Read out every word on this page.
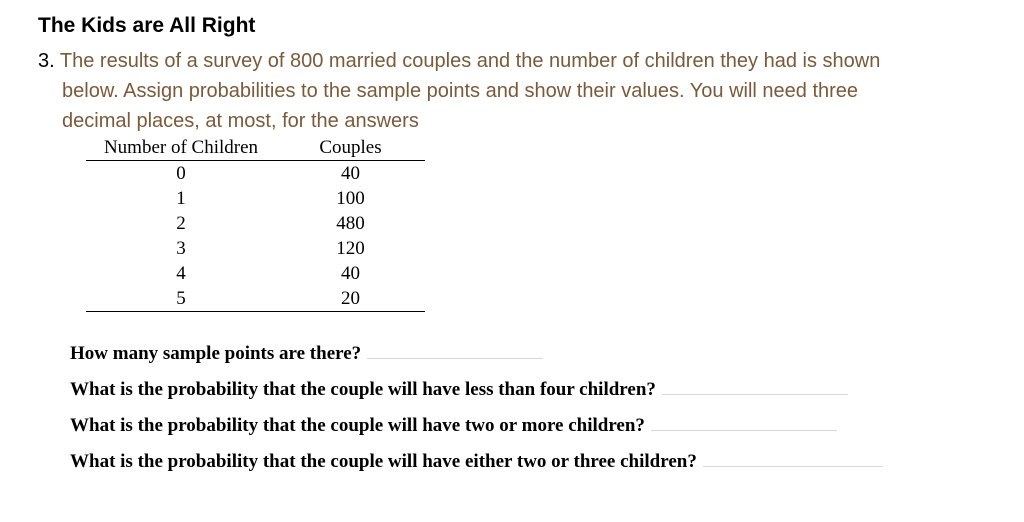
The Kids are All Right
3. The results of a survey of 800 married couples and the number of children they had is shown
below. Assign probabilities to the sample points and show their values. You will need three
decimal places, at most, for the answers
Number of Children	Couples
0	40
1	100
2	480
3	120
4	40
5	20
How many sample points are there?
What is the probability that the couple will have less than four children?
What is the probability that the couple will have two or more children?
What is the probability that the couple will have either two or three children?
